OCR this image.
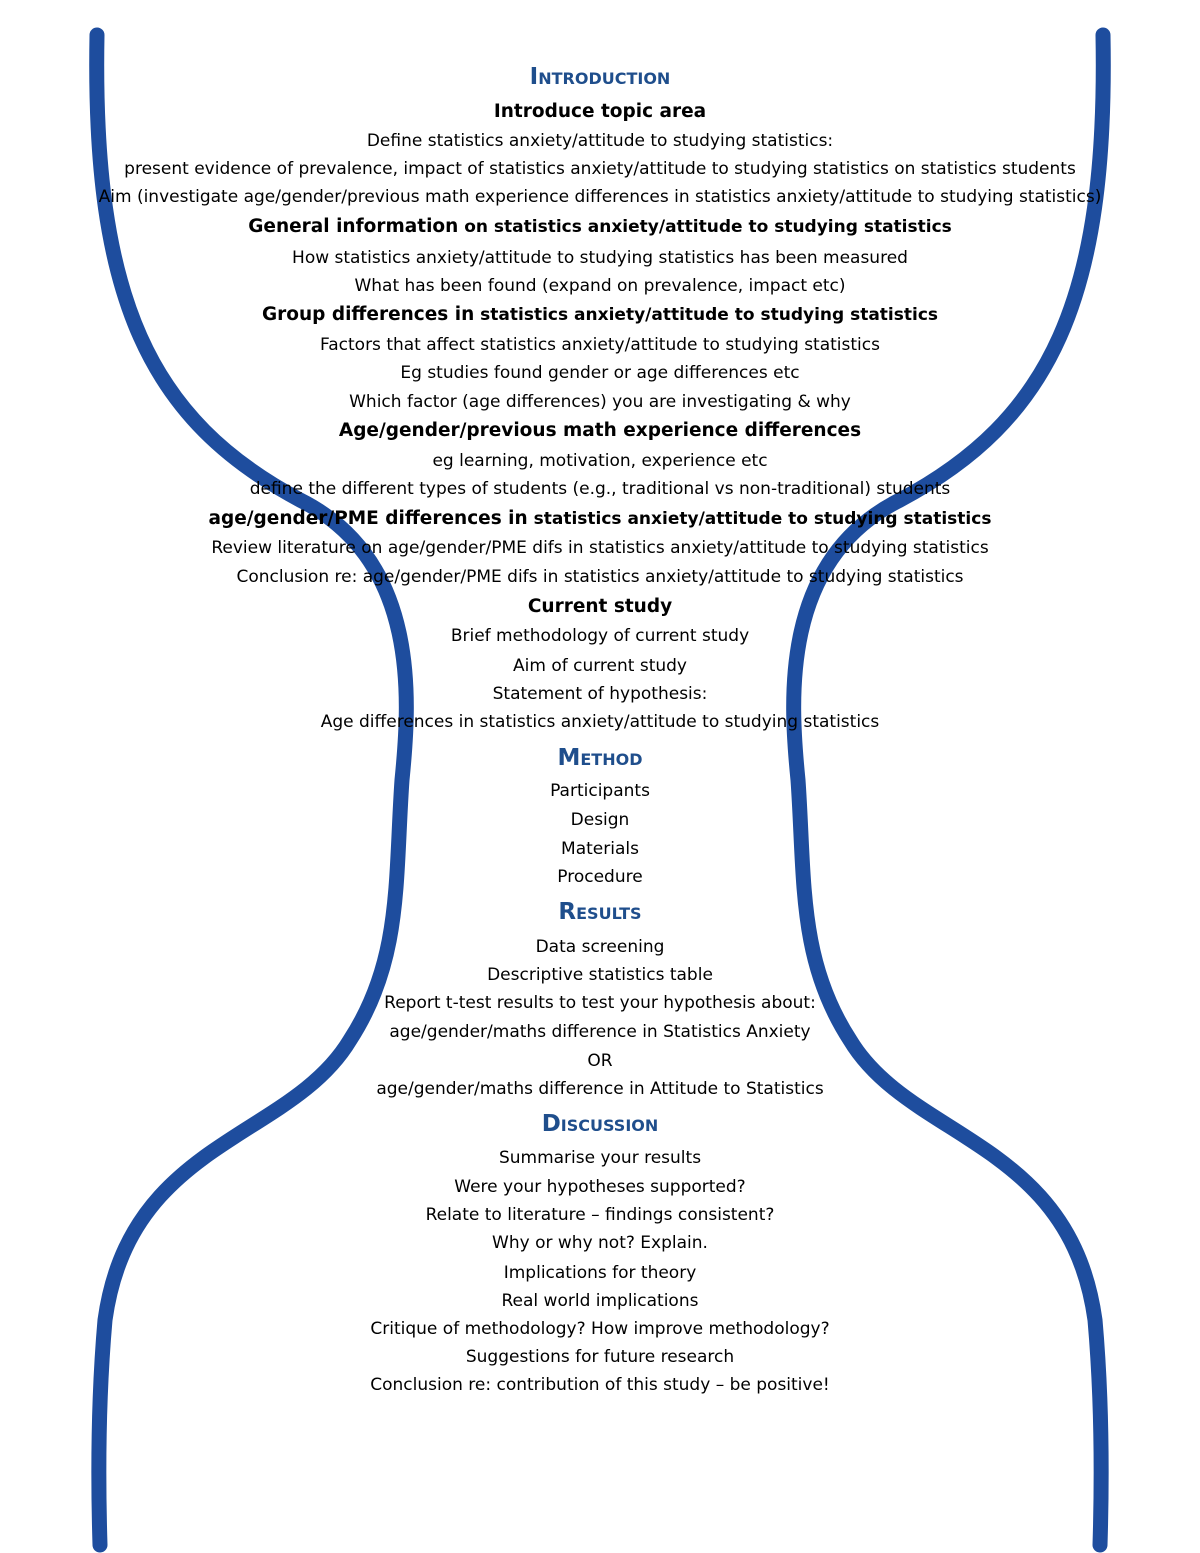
Introduction
Introduce topic area
Define statistics anxiety/attitude to studying statistics:
present evidence of prevalence, impact of statistics anxiety/attitude to studying statistics on statistics students
Aim (investigate age/gender/previous math experience differences in statistics anxiety/attitude to studying statistics)
General information on statistics anxiety/attitude to studying statistics
How statistics anxiety/attitude to studying statistics has been measured
What has been found (expand on prevalence, impact etc)
Group differences in statistics anxiety/attitude to studying statistics
Factors that affect statistics anxiety/attitude to studying statistics
Eg studies found gender or age differences etc
Which factor (age differences) you are investigating & why
Age/gender/previous math experience differences
eg learning, motivation, experience etc
define the different types of students (e.g., traditional vs non-traditional) students
age/gender/PME differences in statistics anxiety/attitude to studying statistics
Review literature on age/gender/PME difs in statistics anxiety/attitude to studying statistics
Conclusion re: age/gender/PME difs in statistics anxiety/attitude to studying statistics
Current study
Brief methodology of current study
Aim of current study
Statement of hypothesis:
Age differences in statistics anxiety/attitude to studying statistics
Method
Participants
Design
Materials
Procedure
Results
Data screening
Descriptive statistics table
Report t-test results to test your hypothesis about:
age/gender/maths difference in Statistics Anxiety
OR
age/gender/maths difference in Attitude to Statistics
Discussion
Summarise your results
Were your hypotheses supported?
Relate to literature – findings consistent?
Why or why not? Explain.
Implications for theory
Real world implications
Critique of methodology? How improve methodology?
Suggestions for future research
Conclusion re: contribution of this study – be positive!
